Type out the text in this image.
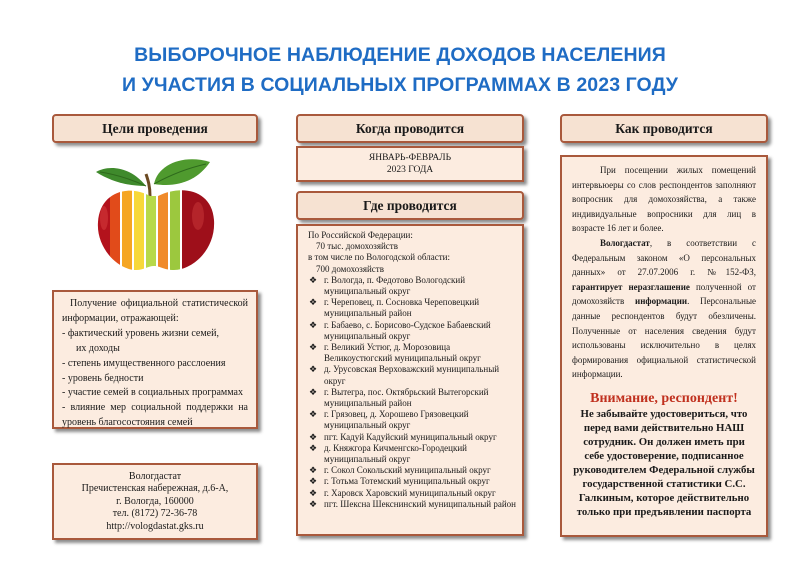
ВЫБОРОЧНОЕ НАБЛЮДЕНИЕ ДОХОДОВ НАСЕЛЕНИЯ
И УЧАСТИЯ В СОЦИАЛЬНЫХ ПРОГРАММАХ В 2023 ГОДУ
Цели проведения
Получение официальной статистической информации, отражающей:
- фактический уровень жизни семей,
их доходы
- степень имущественного расслоения
- уровень бедности
- участие семей в социальных программах
- влияние мер социальной поддержки на уровень благосостояния семей
Вологдастат
Пречистенская набережная, д.6-А,
г. Вологда, 160000
тел. (8172) 72-36-78
http://vologdastat.gks.ru
Когда проводится
ЯНВАРЬ-ФЕВРАЛЬ
2023 ГОДА
Где проводится
По Российской Федерации:
70 тыс. домохозяйств
в том числе по Вологодской области:
700 домохозяйств
❖ г. Вологда, п. Федотово Вологодский муниципальный округ
❖ г. Череповец, п. Сосновка Череповецкий муниципальный район
❖ г. Бабаево, с. Борисово-Судское Бабаевский муниципальный округ
❖ г. Великий Устюг, д. Морозовица Великоустюгский муниципальный округ
❖ д. Урусовская Верховажский муниципальный округ
❖ г. Вытегра, пос. Октябрьский Вытегорский муниципальный район
❖ г. Грязовец, д. Хорошево Грязовецкий муниципальный округ
❖ пгт. Кадуй Кадуйский муниципальный округ
❖ д. Княжгора Кичменгско-Городецкий муниципальный округ
❖ г. Сокол Сокольский муниципальный округ
❖ г. Тотьма Тотемский муниципальный округ
❖ г. Харовск Харовский муниципальный округ
❖ пгт. Шексна Шекснинский муниципальный район
Как проводится

При посещении жилых помещений интервьюеры со слов респондентов заполняют вопросник для домохозяйства, а также индивидуальные вопросники для лиц в возрасте 16 лет и более.

Вологдастат, в соответствии с Федеральным законом «О персональных данных» от 27.07.2006 г. №152-ФЗ, гарантирует неразглашение полученной от домохозяйств информации. Персональные данные респондентов будут обезличены. Полученные от населения сведения будут использованы исключительно в целях формирования официальной статистической информации.

Внимание, респондент!
Не забывайте удостовериться, что перед вами действительно НАШ сотрудник. Он должен иметь при себе удостоверение, подписанное руководителем Федеральной службы государственной статистики С.С. Галкиным, которое действительно только при предъявлении паспорта
